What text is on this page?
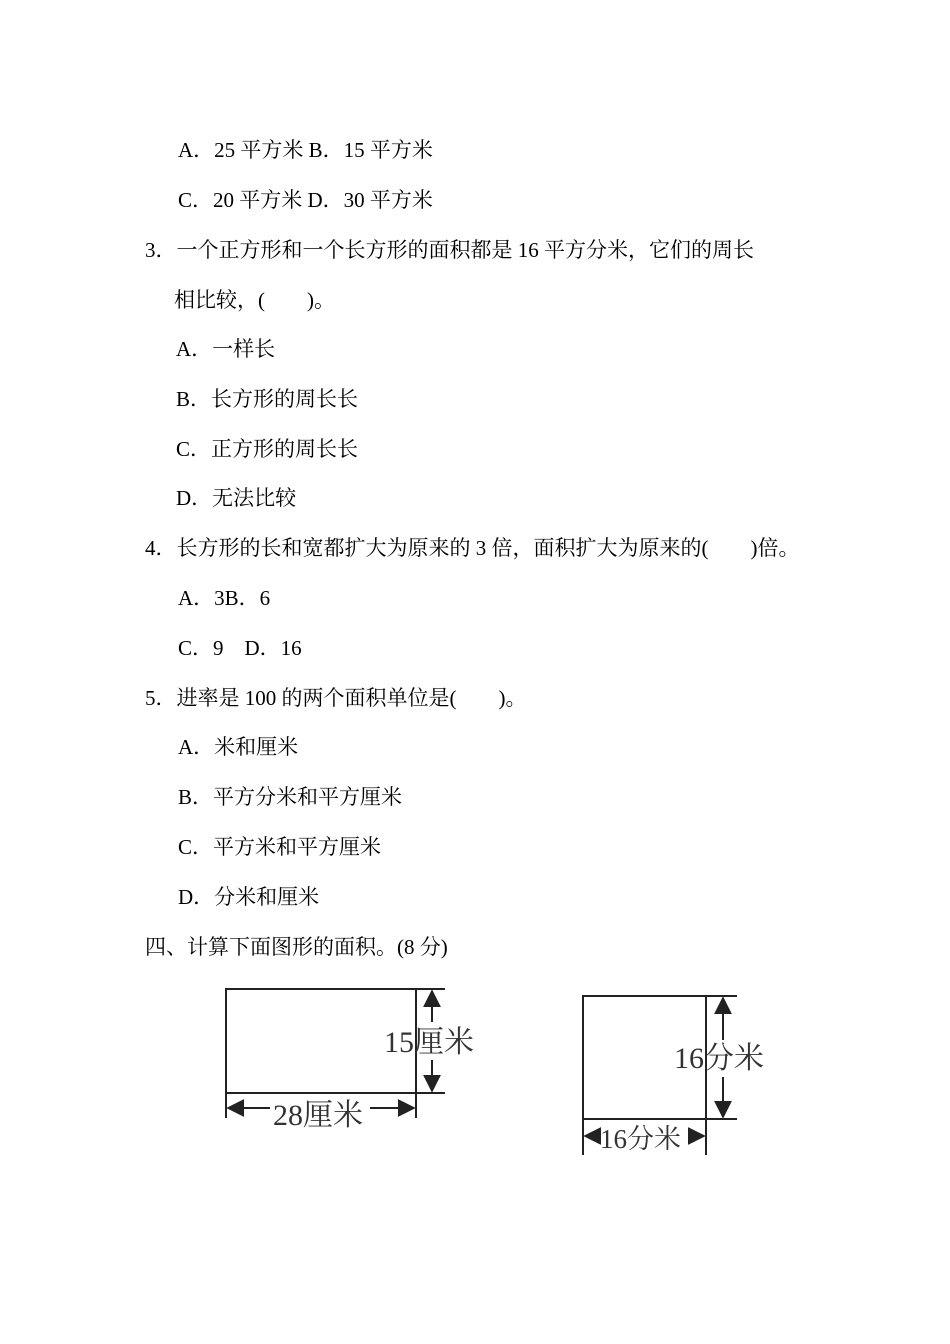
A．25 平方米 B．15 平方米
C．20 平方米 D．30 平方米
3．一个正方形和一个长方形的面积都是 16 平方分米，它们的周长
相比较，(　　)。
A．一样长
B．长方形的周长长
C．正方形的周长长
D．无法比较
4．长方形的长和宽都扩大为原来的 3 倍，面积扩大为原来的(　　)倍。
A．3B．6
C．9　D．16
5．进率是 100 的两个面积单位是(　　)。
A．米和厘米
B．平方分米和平方厘米
C．平方米和平方厘米
D．分米和厘米
四、计算下面图形的面积。(8 分)
15厘米
28厘米
16分米
16分米
